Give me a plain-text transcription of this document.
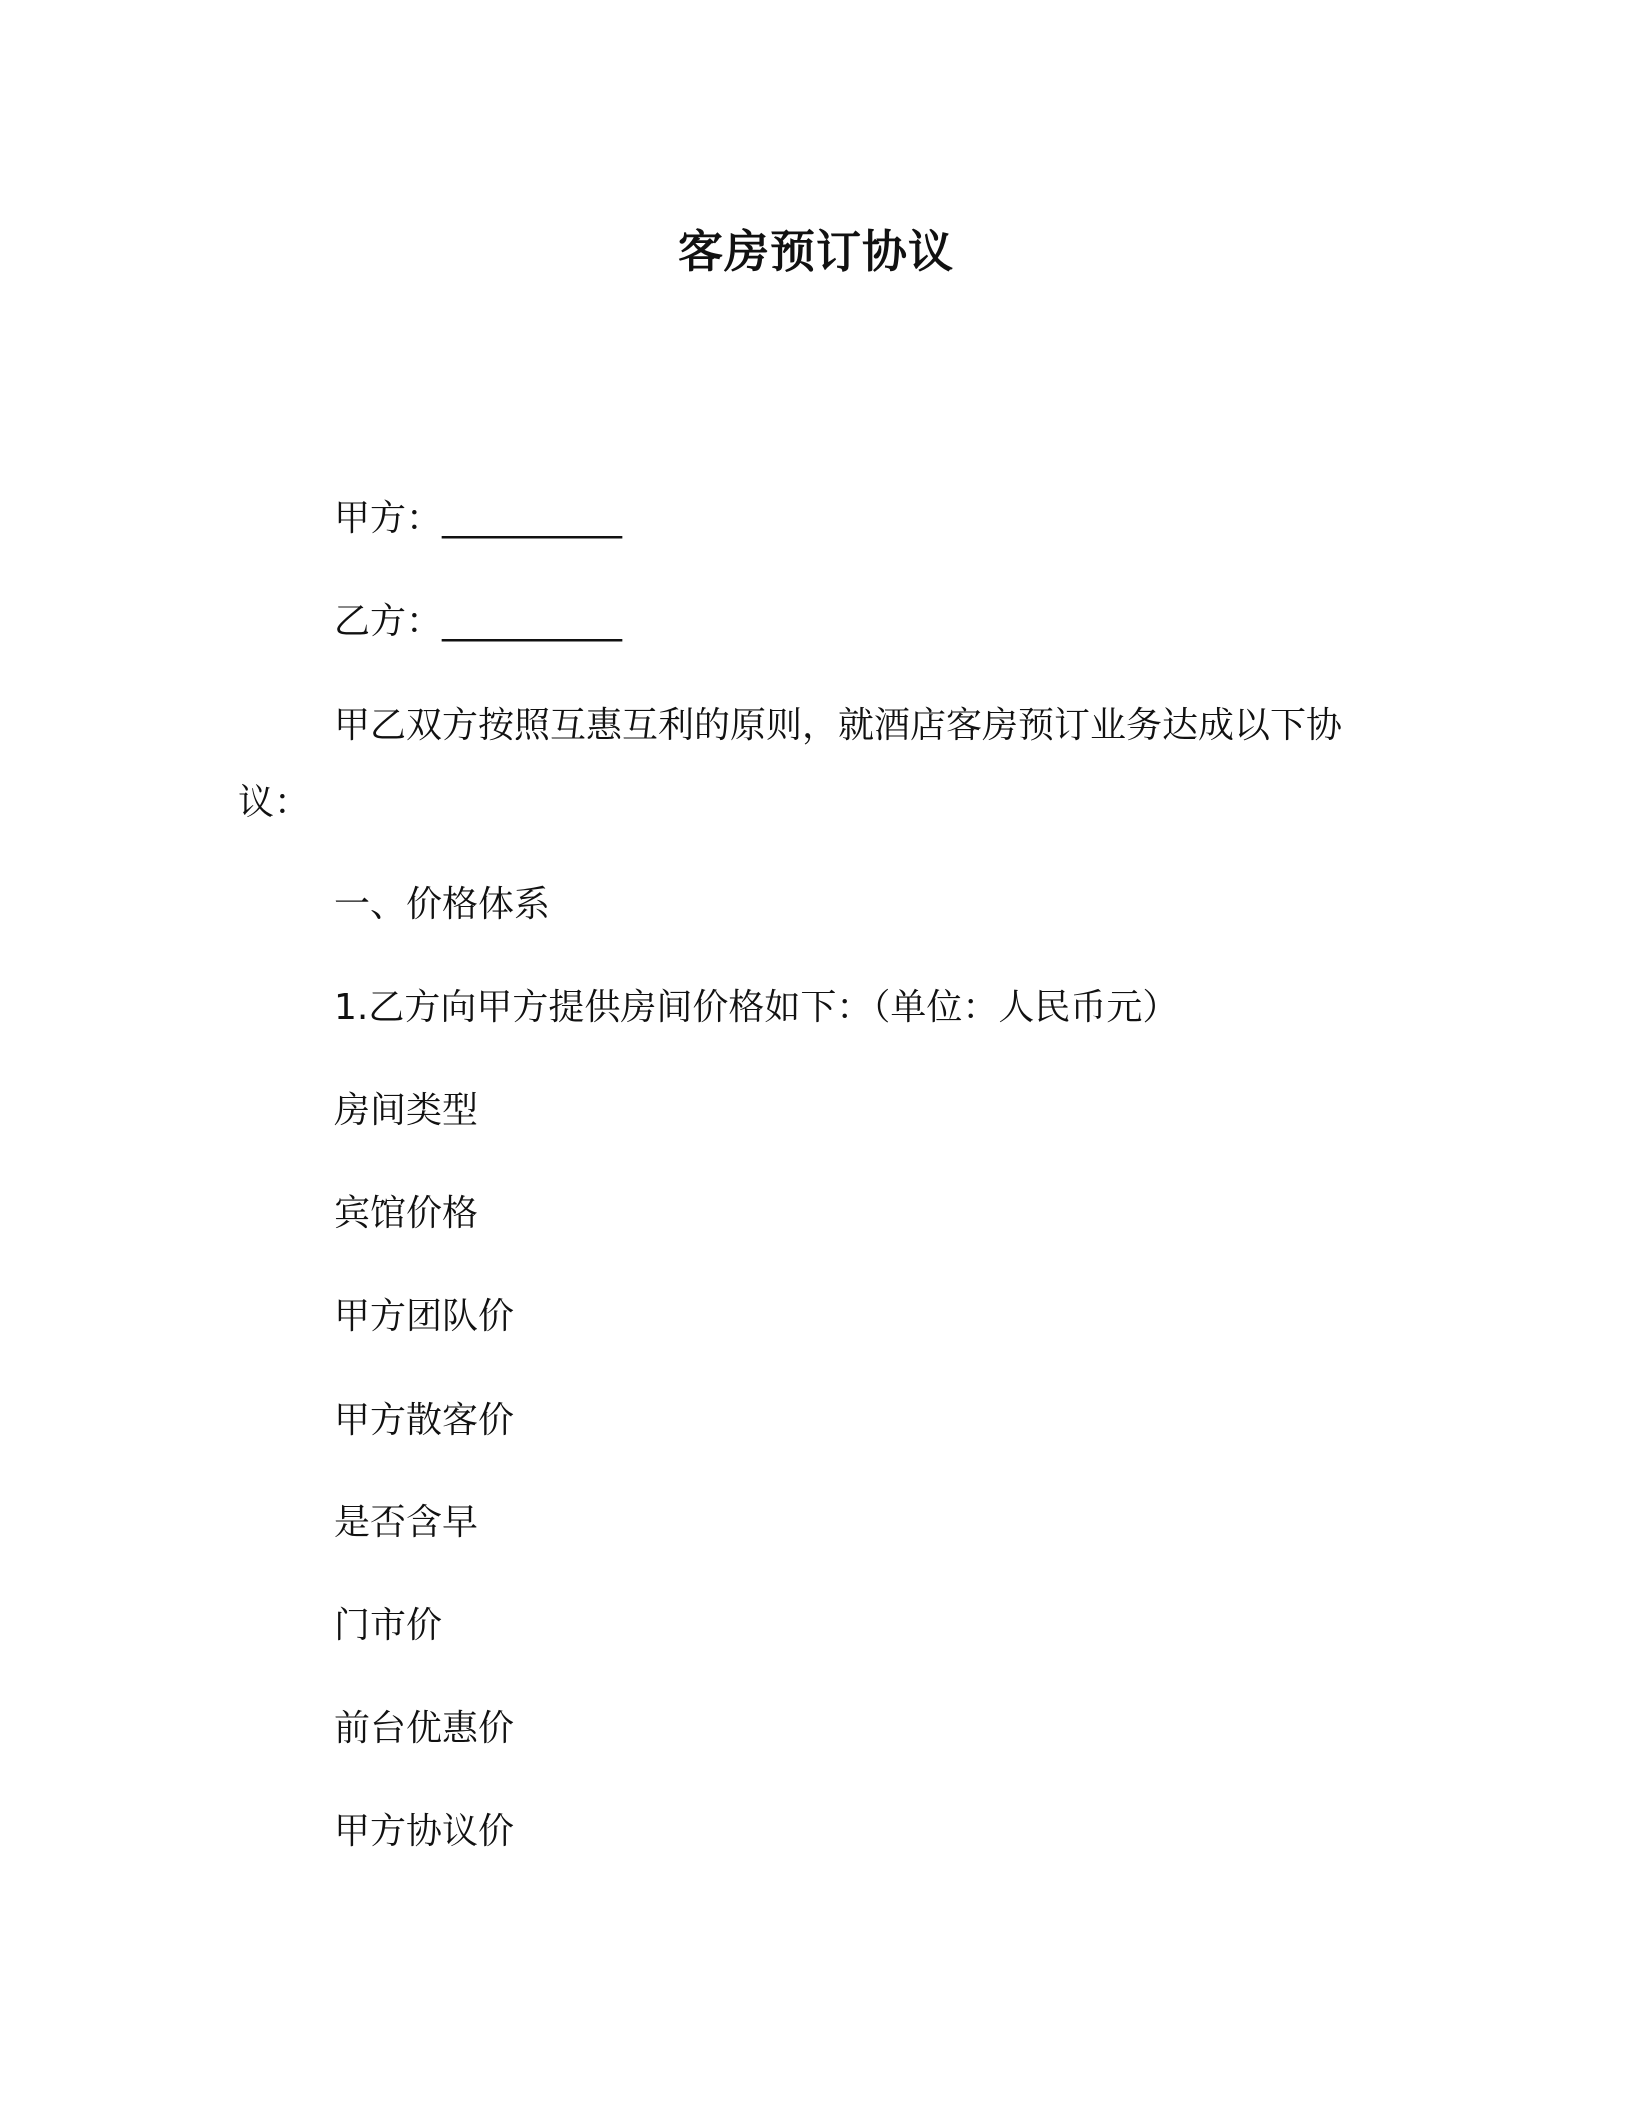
客房预订协议
甲方：__________
乙方：__________
甲乙双方按照互惠互利的原则，就酒店客房预订业务达成以下协
议：
一、价格体系
1.乙方向甲方提供房间价格如下：（单位：人民币元）
房间类型
宾馆价格
甲方团队价
甲方散客价
是否含早
门市价
前台优惠价
甲方协议价
